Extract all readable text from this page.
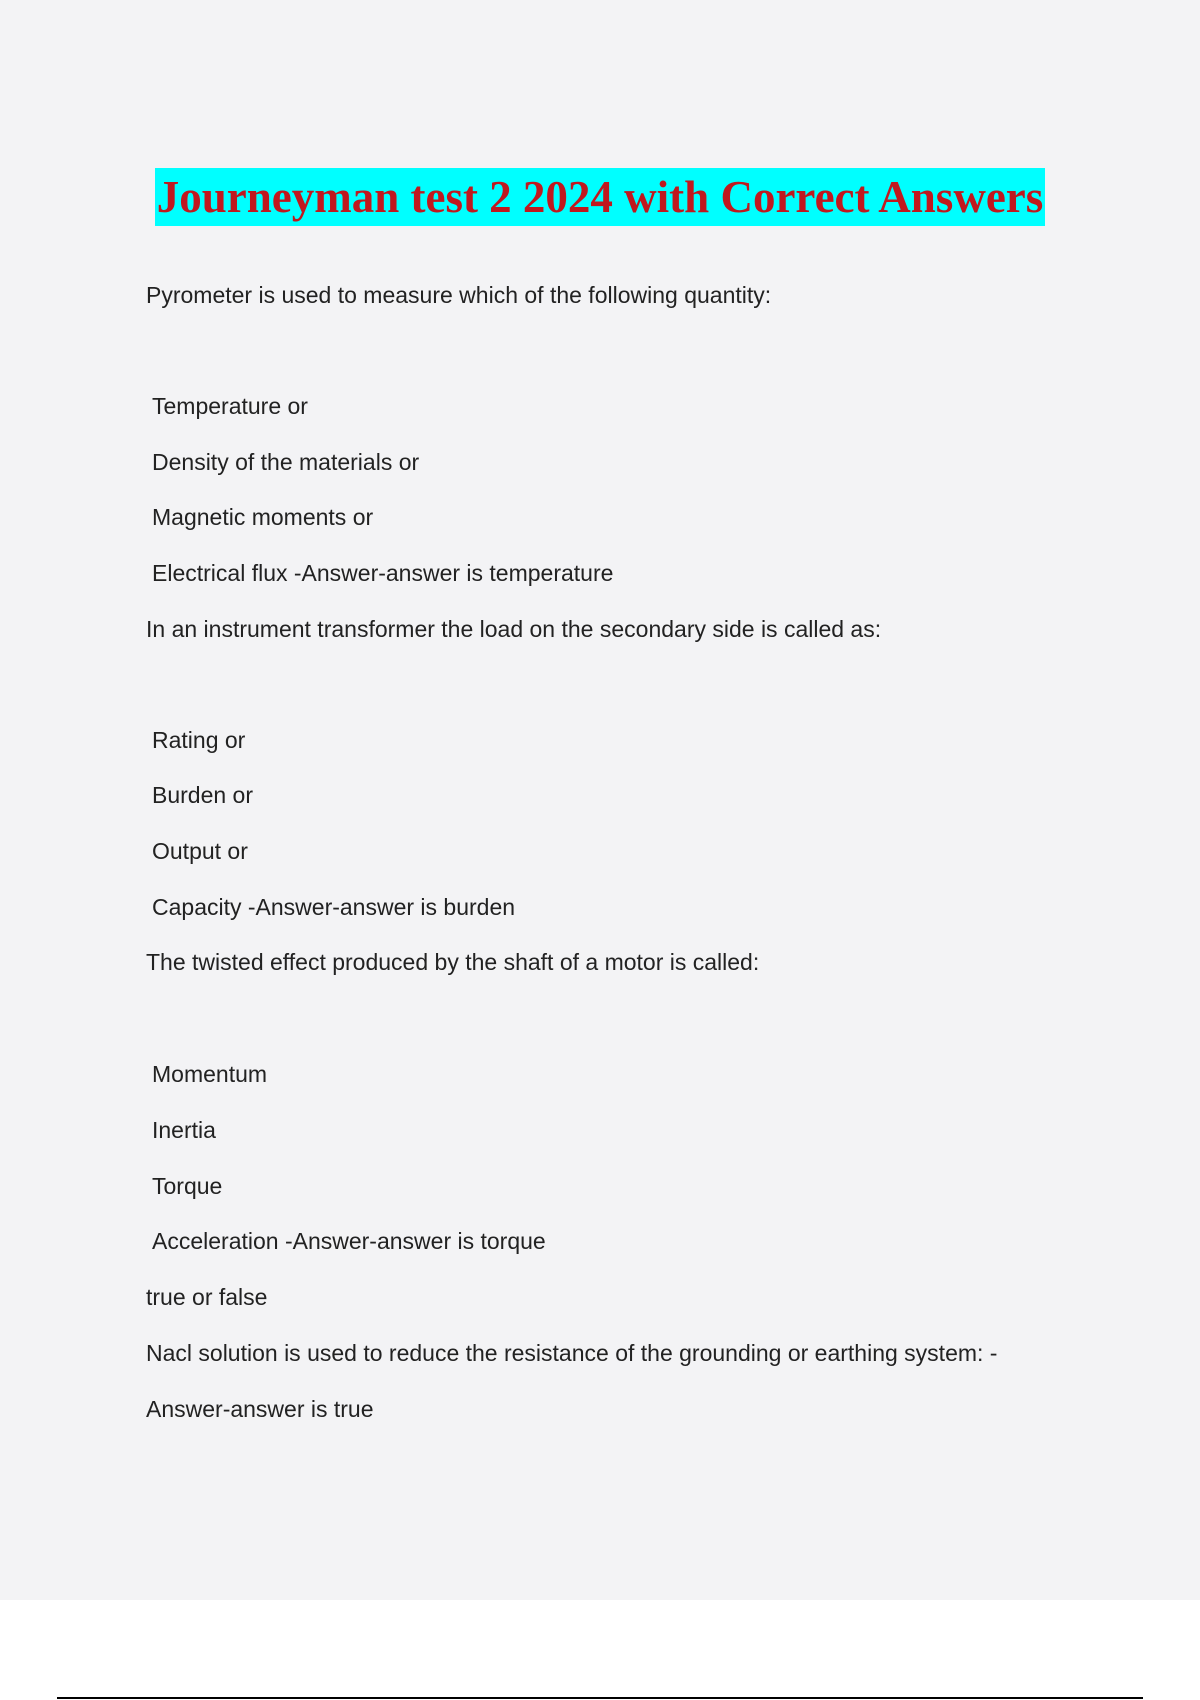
Journeyman test 2 2024 with Correct Answers
Pyrometer is used to measure which of the following quantity:
Temperature or
Density of the materials or
Magnetic moments or
Electrical flux -Answer-answer is temperature
In an instrument transformer the load on the secondary side is called as:
Rating or
Burden or
Output or
Capacity -Answer-answer is burden
The twisted effect produced by the shaft of a motor is called:
Momentum
Inertia
Torque
Acceleration -Answer-answer is torque
true or false
Nacl solution is used to reduce the resistance of the grounding or earthing system: -
Answer-answer is true
